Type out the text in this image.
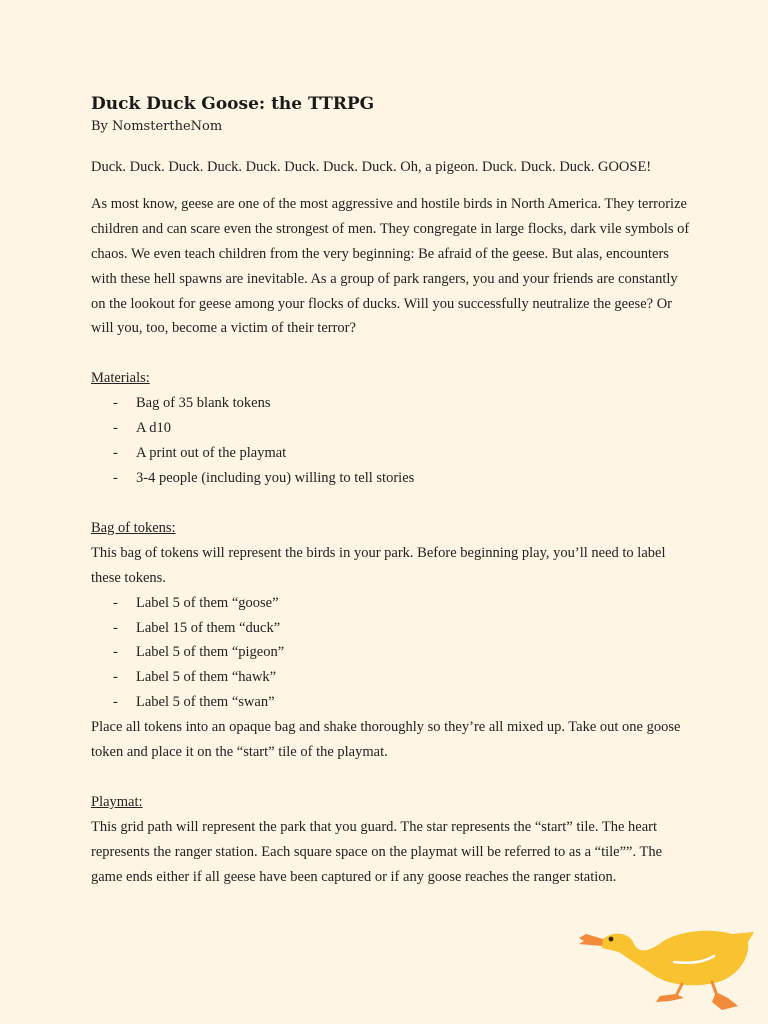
Duck Duck Goose: the TTRPG

By NomstertheNom

Duck. Duck. Duck. Duck. Duck. Duck. Duck. Duck. Oh, a pigeon. Duck. Duck. Duck. GOOSE!

As most know, geese are one of the most aggressive and hostile birds in North America. They terrorize children and can scare even the strongest of men. They congregate in large flocks, dark vile symbols of chaos. We even teach children from the very beginning: Be afraid of the geese. But alas, encounters with these hell spawns are inevitable. As a group of park rangers, you and your friends are constantly on the lookout for geese among your flocks of ducks. Will you successfully neutralize the geese? Or will you, too, become a victim of their terror?

Materials:

- Bag of 35 blank tokens
- A d10
- A print out of the playmat
- 3-4 people (including you) willing to tell stories

Bag of tokens:

This bag of tokens will represent the birds in your park. Before beginning play, you’ll need to label these tokens.

- Label 5 of them “goose”
- Label 15 of them “duck”
- Label 5 of them “pigeon”
- Label 5 of them “hawk”
- Label 5 of them “swan”

Place all tokens into an opaque bag and shake thoroughly so they’re all mixed up. Take out one goose token and place it on the “start” tile of the playmat.

Playmat:

This grid path will represent the park that you guard. The star represents the “start” tile. The heart represents the ranger station. Each square space on the playmat will be referred to as a “tile””. The game ends either if all geese have been captured or if any goose reaches the ranger station.
